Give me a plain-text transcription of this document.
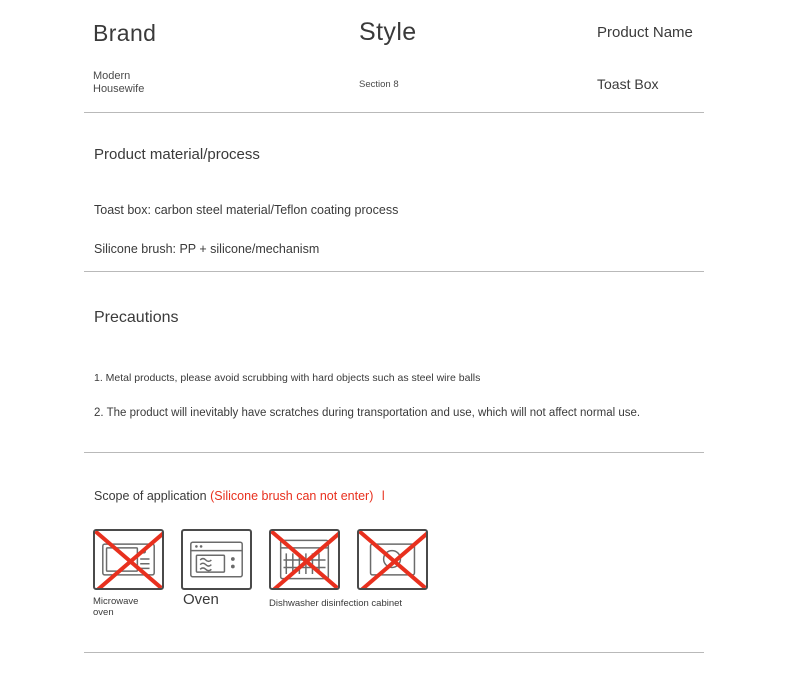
Brand	Style	Product Name
Modern
Housewife	Section 8	Toast Box
Product material/process
Toast box: carbon steel material/Teflon coating process
Silicone brush: PP + silicone/mechanism
Precautions
1. Metal products, please avoid scrubbing with hard objects such as steel wire balls
2. The product will inevitably have scratches during transportation and use, which will not affect normal use.
Scope of application (Silicone brush can not enter) l
Microwave
oven
Oven	Dishwasher disinfection cabinet
